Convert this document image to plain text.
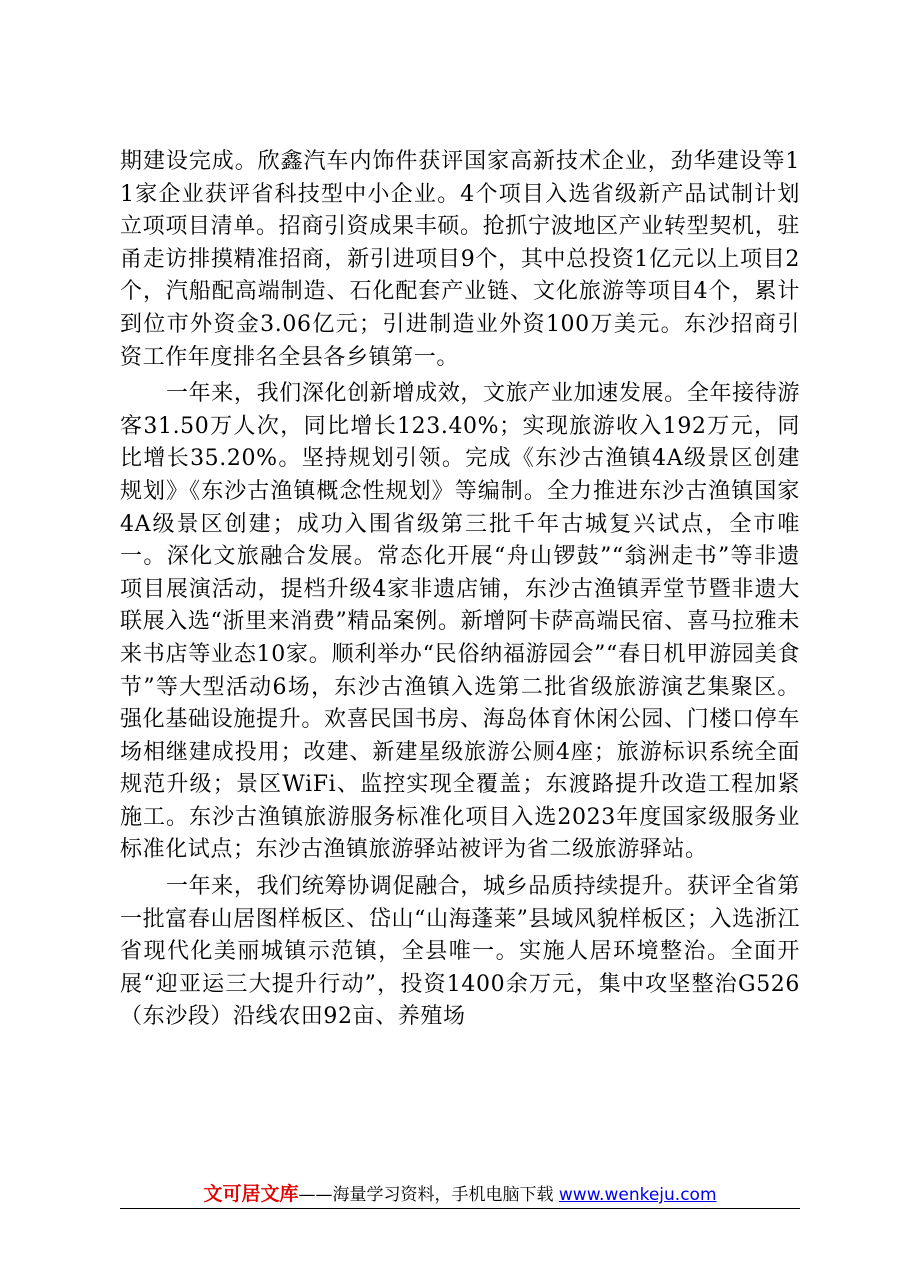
期建设完成。欣鑫汽车内饰件获评国家高新技术企业，劲华建设等11家企业获评省科技型中小企业。4个项目入选省级新产品试制计划立项项目清单。招商引资成果丰硕。抢抓宁波地区产业转型契机，驻甬走访排摸精准招商，新引进项目9个，其中总投资1亿元以上项目2个，汽船配高端制造、石化配套产业链、文化旅游等项目4个，累计到位市外资金3.06亿元；引进制造业外资100万美元。东沙招商引资工作年度排名全县各乡镇第一。

一年来，我们深化创新增成效，文旅产业加速发展。全年接待游客31.50万人次，同比增长123.40%；实现旅游收入192万元，同比增长35.20%。坚持规划引领。完成《东沙古渔镇4A级景区创建规划》《东沙古渔镇概念性规划》等编制。全力推进东沙古渔镇国家4A级景区创建；成功入围省级第三批千年古城复兴试点，全市唯一。深化文旅融合发展。常态化开展“舟山锣鼓”“翁洲走书”等非遗项目展演活动，提档升级4家非遗店铺，东沙古渔镇弄堂节暨非遗大联展入选“浙里来消费”精品案例。新增阿卡萨高端民宿、喜马拉雅未来书店等业态10家。顺利举办“民俗纳福游园会”“春日机甲游园美食节”等大型活动6场，东沙古渔镇入选第二批省级旅游演艺集聚区。强化基础设施提升。欢喜民国书房、海岛体育休闲公园、门楼口停车场相继建成投用；改建、新建星级旅游公厕4座；旅游标识系统全面规范升级；景区WiFi、监控实现全覆盖；东渡路提升改造工程加紧施工。东沙古渔镇旅游服务标准化项目入选2023年度国家级服务业标准化试点；东沙古渔镇旅游驿站被评为省二级旅游驿站。

一年来，我们统筹协调促融合，城乡品质持续提升。获评全省第一批富春山居图样板区、岱山“山海蓬莱”县域风貌样板区；入选浙江省现代化美丽城镇示范镇，全县唯一。实施人居环境整治。全面开展“迎亚运三大提升行动”，投资1400余万元，集中攻坚整治G526（东沙段）沿线农田92亩、养殖场

文可居文库——海量学习资料，手机电脑下载 www.wenkeju.com
